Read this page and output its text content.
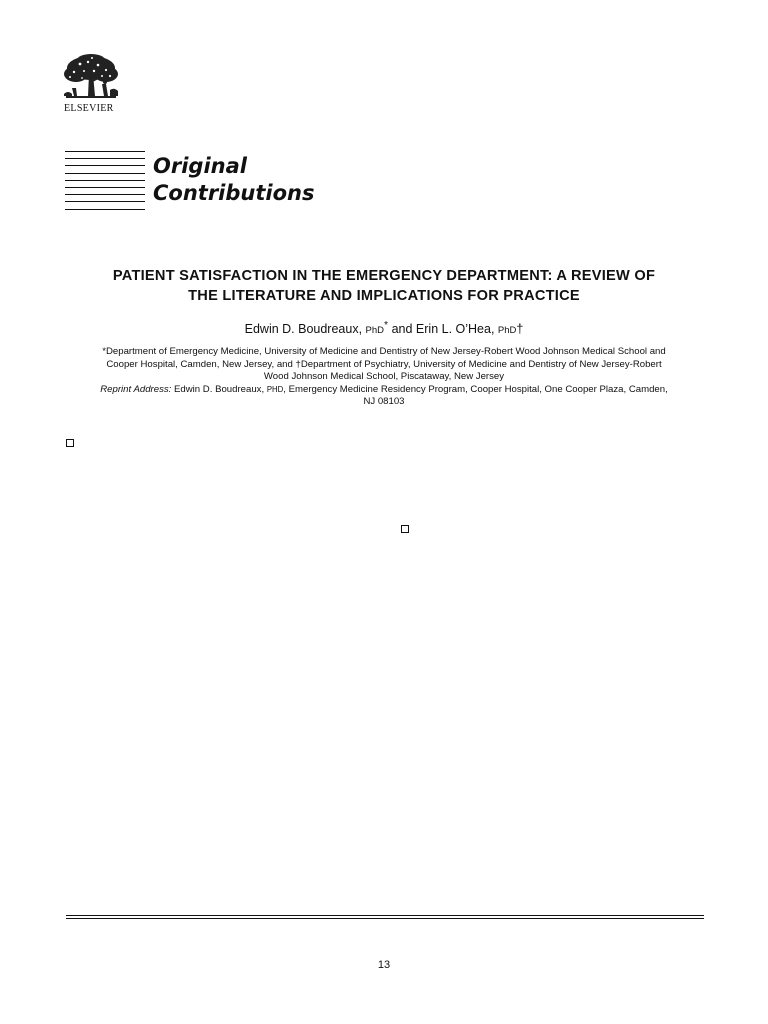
ELSEVIER
Original
Contributions
PATIENT SATISFACTION IN THE EMERGENCY DEPARTMENT: A REVIEW OF
THE LITERATURE AND IMPLICATIONS FOR PRACTICE
Edwin D. Boudreaux, PhD* and Erin L. O’Hea, PhD†
*Department of Emergency Medicine, University of Medicine and Dentistry of New Jersey-Robert Wood Johnson Medical School and
Cooper Hospital, Camden, New Jersey, and †Department of Psychiatry, University of Medicine and Dentistry of New Jersey-Robert
Wood Johnson Medical School, Piscataway, New Jersey
Reprint Address: Edwin D. Boudreaux, PHD, Emergency Medicine Residency Program, Cooper Hospital, One Cooper Plaza, Camden,
NJ 08103
13
